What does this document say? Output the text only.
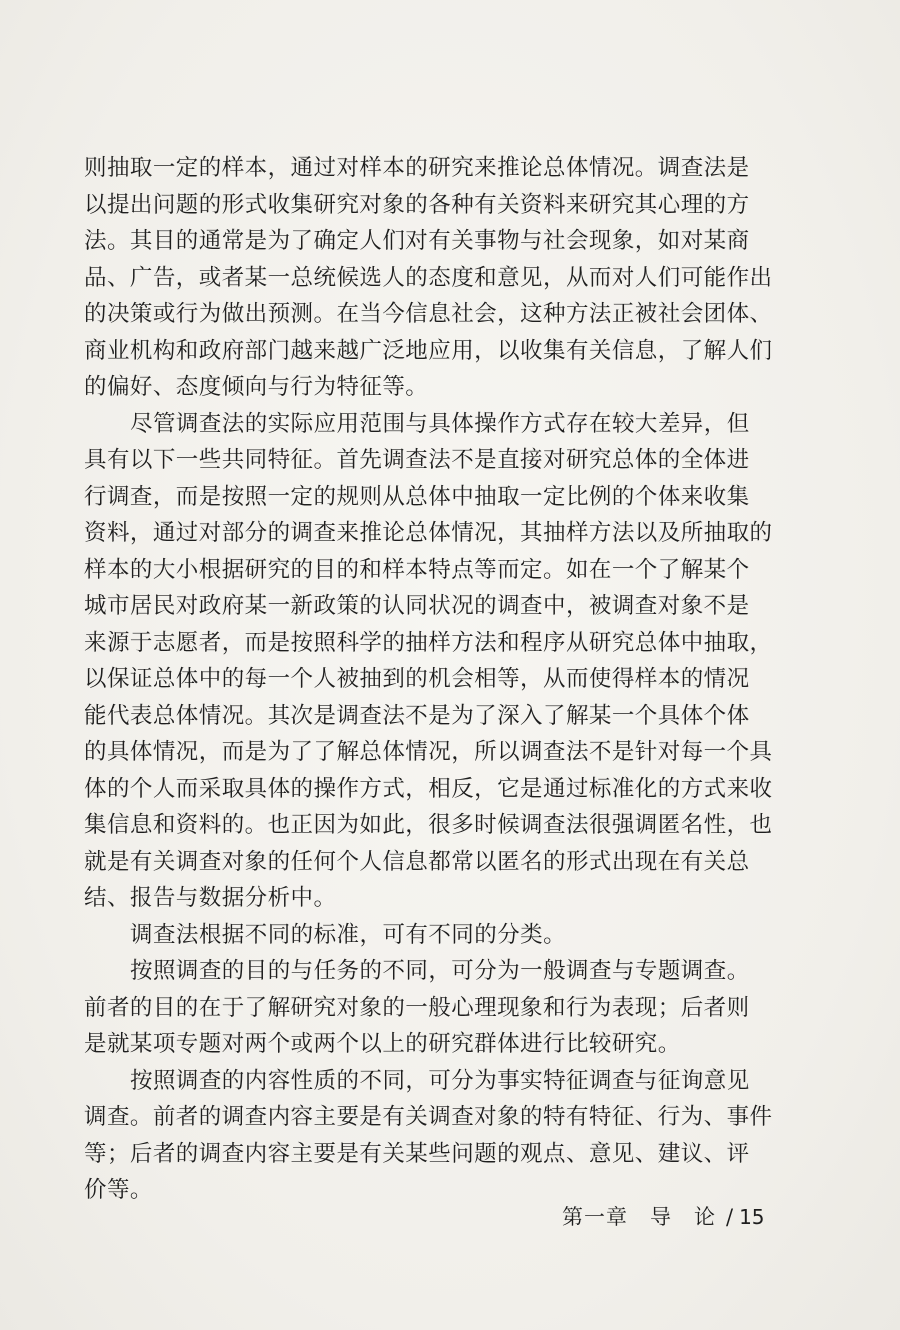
则抽取一定的样本，通过对样本的研究来推论总体情况。调查法是
以提出问题的形式收集研究对象的各种有关资料来研究其心理的方
法。其目的通常是为了确定人们对有关事物与社会现象，如对某商
品、广告，或者某一总统候选人的态度和意见，从而对人们可能作出
的决策或行为做出预测。在当今信息社会，这种方法正被社会团体、
商业机构和政府部门越来越广泛地应用，以收集有关信息，了解人们
的偏好、态度倾向与行为特征等。
尽管调查法的实际应用范围与具体操作方式存在较大差异，但
具有以下一些共同特征。首先调查法不是直接对研究总体的全体进
行调查，而是按照一定的规则从总体中抽取一定比例的个体来收集
资料，通过对部分的调查来推论总体情况，其抽样方法以及所抽取的
样本的大小根据研究的目的和样本特点等而定。如在一个了解某个
城市居民对政府某一新政策的认同状况的调查中，被调查对象不是
来源于志愿者，而是按照科学的抽样方法和程序从研究总体中抽取，
以保证总体中的每一个人被抽到的机会相等，从而使得样本的情况
能代表总体情况。其次是调查法不是为了深入了解某一个具体个体
的具体情况，而是为了了解总体情况，所以调查法不是针对每一个具
体的个人而采取具体的操作方式，相反，它是通过标准化的方式来收
集信息和资料的。也正因为如此，很多时候调查法很强调匿名性，也
就是有关调查对象的任何个人信息都常以匿名的形式出现在有关总
结、报告与数据分析中。
调查法根据不同的标准，可有不同的分类。
按照调查的目的与任务的不同，可分为一般调查与专题调查。
前者的目的在于了解研究对象的一般心理现象和行为表现；后者则
是就某项专题对两个或两个以上的研究群体进行比较研究。
按照调查的内容性质的不同，可分为事实特征调查与征询意见
调查。前者的调查内容主要是有关调查对象的特有特征、行为、事件
等；后者的调查内容主要是有关某些问题的观点、意见、建议、评
价等。
第一章　导　论 / 15
